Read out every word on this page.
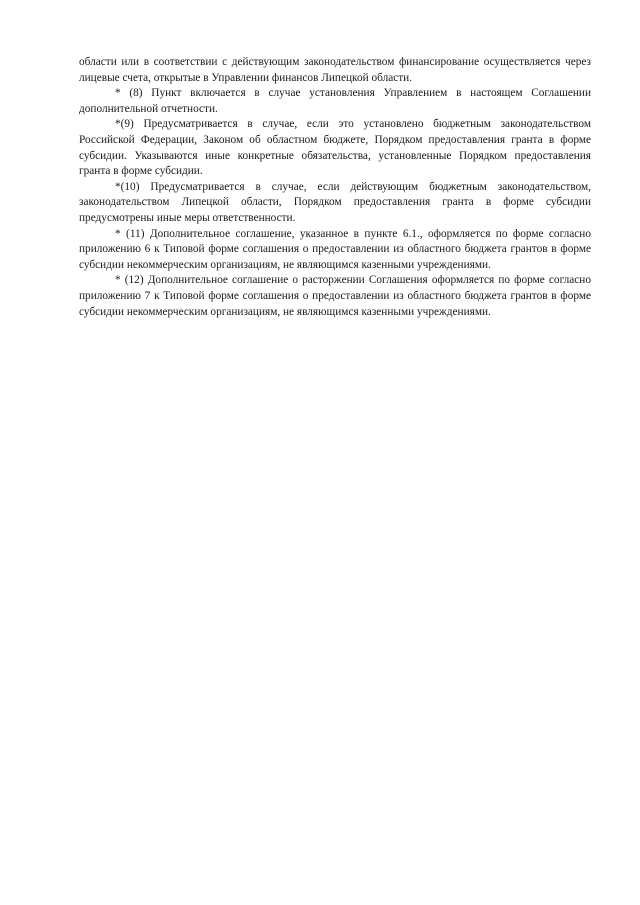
области или в соответствии с действующим законодательством финансирование осуществляется через лицевые счета, открытые в Управлении финансов Липецкой области.

* (8) Пункт включается в случае установления Управлением в настоящем Соглашении дополнительной отчетности.

*(9) Предусматривается в случае, если это установлено бюджетным законодательством Российской Федерации, Законом об областном бюджете, Порядком предоставления гранта в форме субсидии. Указываются иные конкретные обязательства, установленные Порядком предоставления гранта в форме субсидии.

*(10) Предусматривается в случае, если действующим бюджетным законодательством, законодательством Липецкой области, Порядком предоставления гранта в форме субсидии предусмотрены иные меры ответственности.

* (11) Дополнительное соглашение, указанное в пункте 6.1., оформляется по форме согласно приложению 6 к Типовой форме соглашения о предоставлении из областного бюджета грантов в форме субсидии некоммерческим организациям, не являющимся казенными учреждениями.

* (12) Дополнительное соглашение о расторжении Соглашения оформляется по форме согласно приложению 7 к Типовой форме соглашения о предоставлении из областного бюджета грантов в форме субсидии некоммерческим организациям, не являющимся казенными учреждениями.
